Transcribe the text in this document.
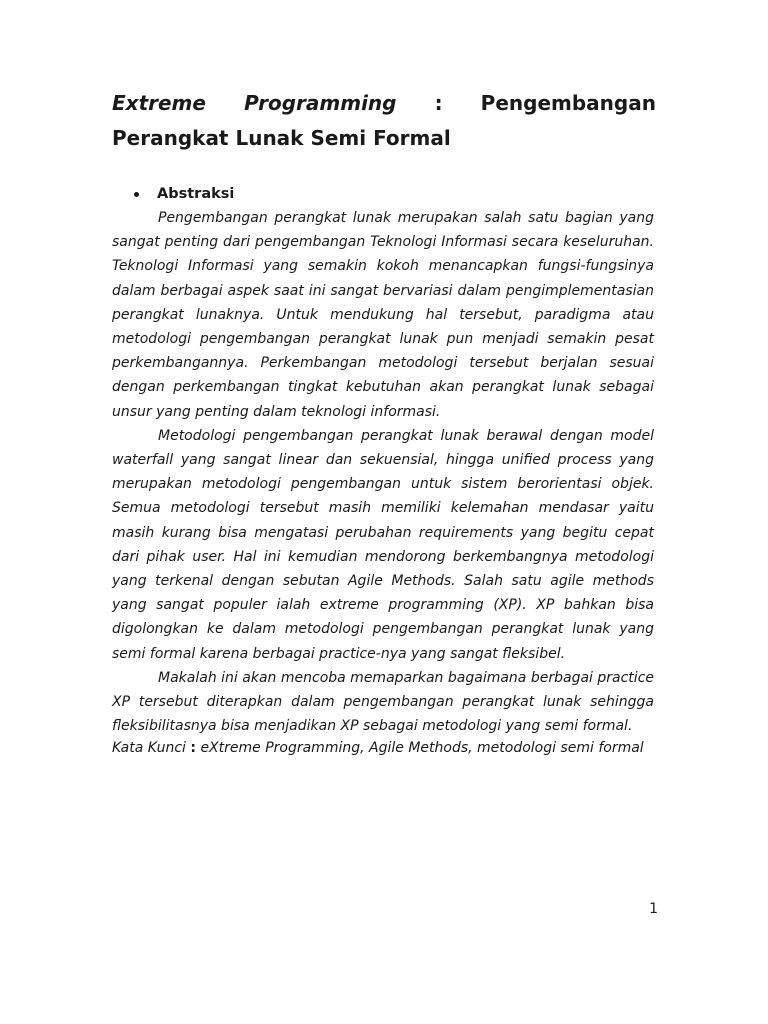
Extreme Programming : Pengembangan
Perangkat Lunak Semi Formal
Abstraksi

Pengembangan perangkat lunak merupakan salah satu bagian yang sangat penting dari pengembangan Teknologi Informasi secara keseluruhan. Teknologi Informasi yang semakin kokoh menancapkan fungsi-fungsinya dalam berbagai aspek saat ini sangat bervariasi dalam pengimplementasian perangkat lunaknya. Untuk mendukung hal tersebut, paradigma atau metodologi pengembangan perangkat lunak pun menjadi semakin pesat perkembangannya. Perkembangan metodologi tersebut berjalan sesuai dengan perkembangan tingkat kebutuhan akan perangkat lunak sebagai unsur yang penting dalam teknologi informasi.

Metodologi pengembangan perangkat lunak berawal dengan model waterfall yang sangat linear dan sekuensial, hingga unified process yang merupakan metodologi pengembangan untuk sistem berorientasi objek. Semua metodologi tersebut masih memiliki kelemahan mendasar yaitu masih kurang bisa mengatasi perubahan requirements yang begitu cepat dari pihak user. Hal ini kemudian mendorong berkembangnya metodologi yang terkenal dengan sebutan Agile Methods. Salah satu agile methods yang sangat populer ialah extreme programming (XP). XP bahkan bisa digolongkan ke dalam metodologi pengembangan perangkat lunak yang semi formal karena berbagai practice-nya yang sangat fleksibel.

Makalah ini akan mencoba memaparkan bagaimana berbagai practice XP tersebut diterapkan dalam pengembangan perangkat lunak sehingga fleksibilitasnya bisa menjadikan XP sebagai metodologi yang semi formal.

Kata Kunci : eXtreme Programming, Agile Methods, metodologi semi formal
1
